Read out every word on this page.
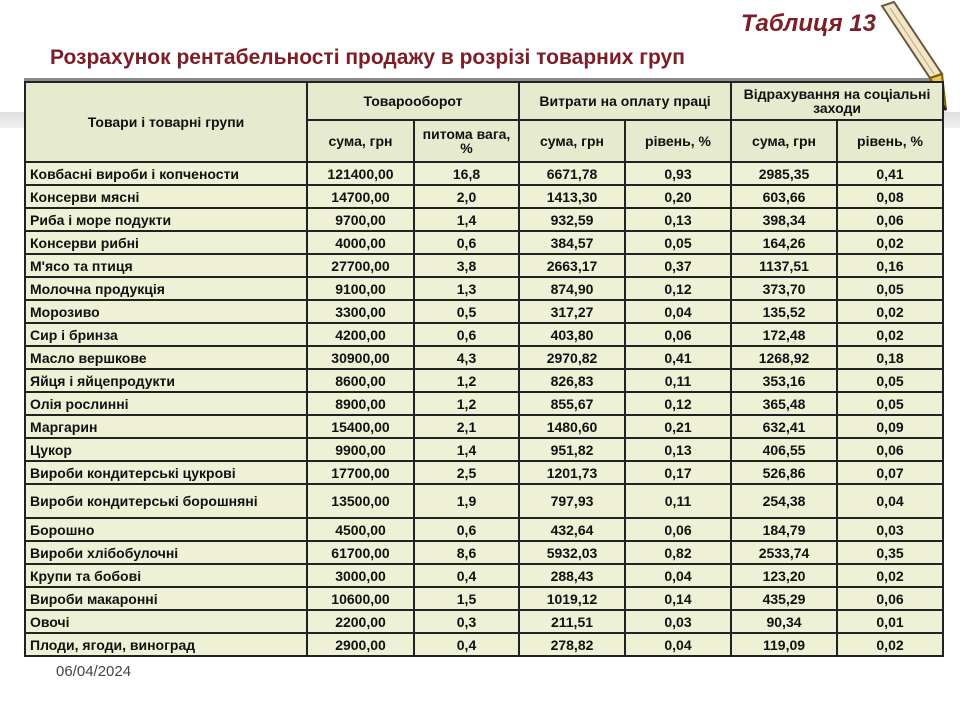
Таблиця 13
Розрахунок рентабельності продажу в розрізі товарних груп
Товари і товарні групи	Товарооборот		Витрати на оплату праці		Відрахування на соціальні заходи	
	сума, грн	питома вага, %	сума, грн	рівень, %	сума, грн	рівень, %
Ковбасні вироби і копчености	121400,00	16,8	6671,78	0,93	2985,35	0,41
Консерви мясні	14700,00	2,0	1413,30	0,20	603,66	0,08
Риба і море подукти	9700,00	1,4	932,59	0,13	398,34	0,06
Консерви рибні	4000,00	0,6	384,57	0,05	164,26	0,02
М'ясо та птиця	27700,00	3,8	2663,17	0,37	1137,51	0,16
Молочна продукція	9100,00	1,3	874,90	0,12	373,70	0,05
Морозиво	3300,00	0,5	317,27	0,04	135,52	0,02
Сир і бринза	4200,00	0,6	403,80	0,06	172,48	0,02
Масло вершкове	30900,00	4,3	2970,82	0,41	1268,92	0,18
Яйця і яйцепродукти	8600,00	1,2	826,83	0,11	353,16	0,05
Олія рослинні	8900,00	1,2	855,67	0,12	365,48	0,05
Маргарин	15400,00	2,1	1480,60	0,21	632,41	0,09
Цукор	9900,00	1,4	951,82	0,13	406,55	0,06
Вироби кондитерські цукрові	17700,00	2,5	1201,73	0,17	526,86	0,07
Вироби кондитерські борошняні	13500,00	1,9	797,93	0,11	254,38	0,04
Борошно	4500,00	0,6	432,64	0,06	184,79	0,03
Вироби хлібобулочні	61700,00	8,6	5932,03	0,82	2533,74	0,35
Крупи та бобові	3000,00	0,4	288,43	0,04	123,20	0,02
Вироби макаронні	10600,00	1,5	1019,12	0,14	435,29	0,06
Овочі	2200,00	0,3	211,51	0,03	90,34	0,01
Плоди, ягоди, виноград	2900,00	0,4	278,82	0,04	119,09	0,02
06/04/2024
